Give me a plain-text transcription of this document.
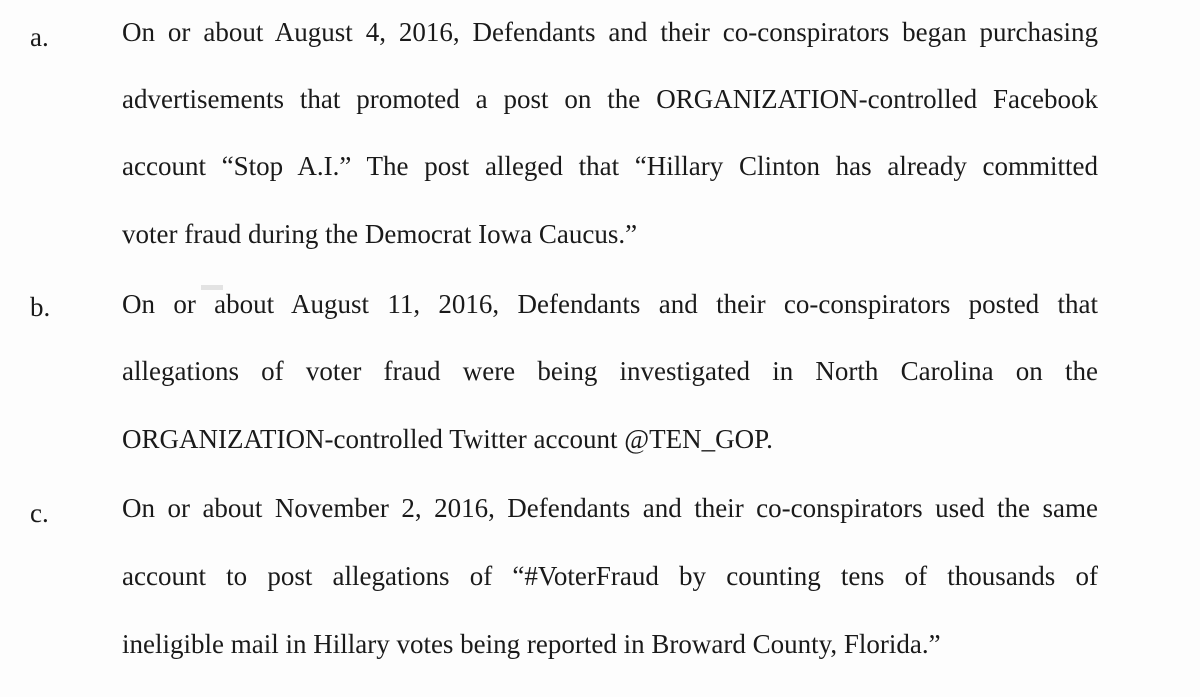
a.	On or about August 4, 2016, Defendants and their co-conspirators began purchasing
advertisements that promoted a post on the ORGANIZATION-controlled Facebook
account “Stop A.I.” The post alleged that “Hillary Clinton has already committed
voter fraud during the Democrat Iowa Caucus.”
b.	On or about August 11, 2016, Defendants and their co-conspirators posted that
allegations of voter fraud were being investigated in North Carolina on the
ORGANIZATION-controlled Twitter account @TEN_GOP.
c.	On or about November 2, 2016, Defendants and their co-conspirators used the same
account to post allegations of “#VoterFraud by counting tens of thousands of
ineligible mail in Hillary votes being reported in Broward County, Florida.”
